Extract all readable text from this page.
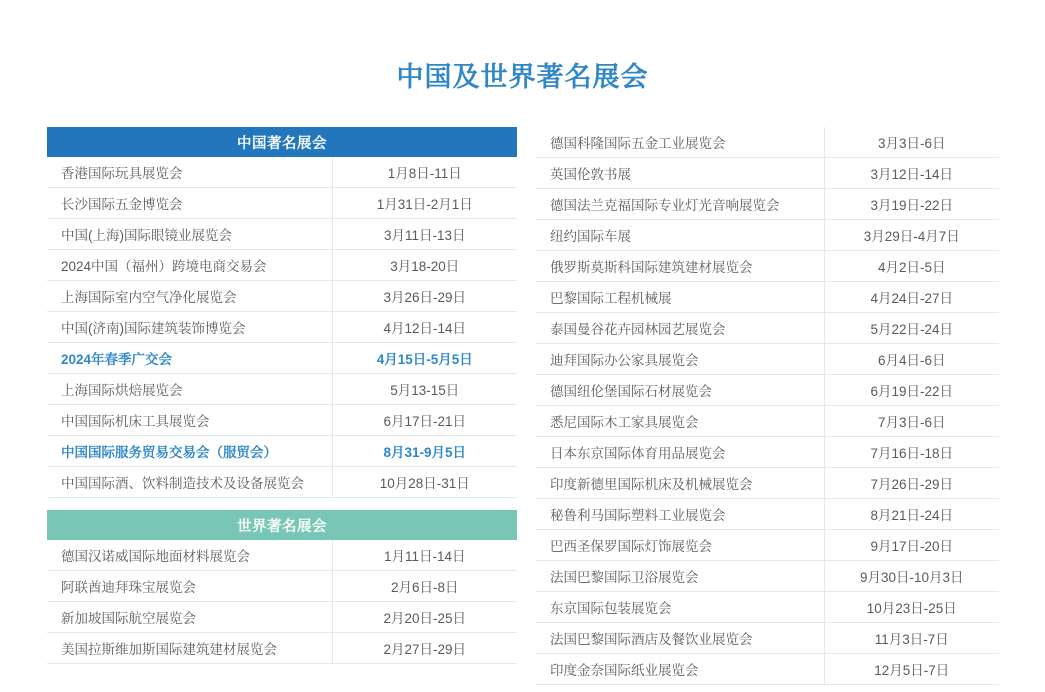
中国及世界著名展会
中国著名展会	
香港国际玩具展览会	1月8日-11日
长沙国际五金博览会	1月31日-2月1日
中国(上海)国际眼镜业展览会	3月11日-13日
2024中国（福州）跨境电商交易会	3月18-20日
上海国际室内空气净化展览会	3月26日-29日
中国(济南)国际建筑装饰博览会	4月12日-14日
2024年春季广交会	4月15日-5月5日
上海国际烘焙展览会	5月13-15日
中国国际机床工具展览会	6月17日-21日
中国国际服务贸易交易会（服贸会）	8月31-9月5日
中国国际酒、饮料制造技术及设备展览会	10月28日-31日
世界著名展会	
德国汉诺威国际地面材料展览会	1月11日-14日
阿联酋迪拜珠宝展览会	2月6日-8日
新加坡国际航空展览会	2月20日-25日
美国拉斯维加斯国际建筑建材展览会	2月27日-29日
德国科隆国际五金工业展览会	3月3日-6日
英国伦敦书展	3月12日-14日
德国法兰克福国际专业灯光音响展览会	3月19日-22日
纽约国际车展	3月29日-4月7日
俄罗斯莫斯科国际建筑建材展览会	4月2日-5日
巴黎国际工程机械展	4月24日-27日
泰国曼谷花卉园林园艺展览会	5月22日-24日
迪拜国际办公家具展览会	6月4日-6日
德国纽伦堡国际石材展览会	6月19日-22日
悉尼国际木工家具展览会	7月3日-6日
日本东京国际体育用品展览会	7月16日-18日
印度新德里国际机床及机械展览会	7月26日-29日
秘鲁利马国际塑料工业展览会	8月21日-24日
巴西圣保罗国际灯饰展览会	9月17日-20日
法国巴黎国际卫浴展览会	9月30日-10月3日
东京国际包装展览会	10月23日-25日
法国巴黎国际酒店及餐饮业展览会	11月3日-7日
印度金奈国际纸业展览会	12月5日-7日
